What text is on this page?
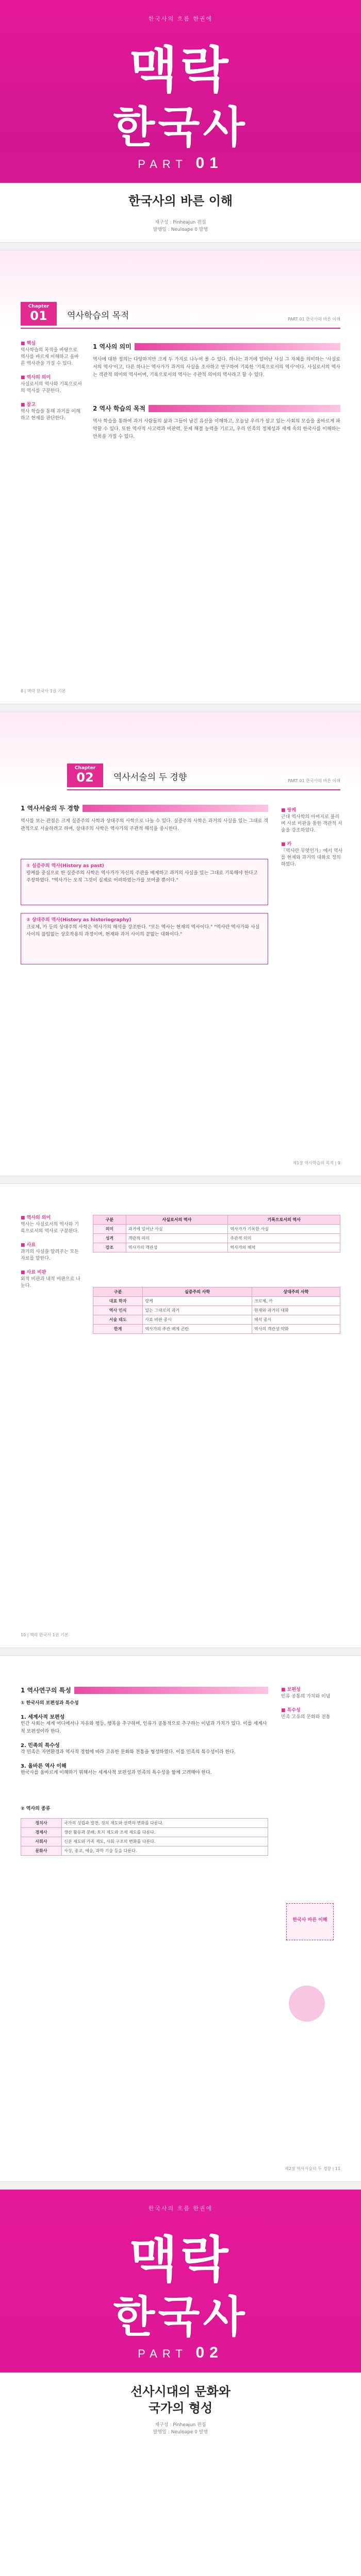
한국사의 흐름 한권에
맥락
한국사
PART 01
한국사의 바른 이해
재구성 : Pinheajun 편집
발행일 : Neuloape 0 발행
Chapter
01	역사학습의 목적	PART 01 한국사의 바른 이해
■ 핵심
역사학습의 목적을 바탕으로 역사를 바르게 이해하고 올바른 역사관을 가질 수 있다.
■ 역사의 의미
사실로서의 역사와 기록으로서의 역사를 구분한다.
■ 참고
역사 학습을 통해 과거를 이해하고 현재를 판단한다.
1 역사의 의미
역사에 대한 정의는 다양하지만 크게 두 가지로 나누어 볼 수 있다. 하나는 과거에 일어난 사실 그 자체를 의미하는 '사실로서의 역사'이고, 다른 하나는 역사가가 과거의 사실을 조사하고 연구하여 기록한 '기록으로서의 역사'이다. 사실로서의 역사는 객관적 의미의 역사이며, 기록으로서의 역사는 주관적 의미의 역사라고 할 수 있다.
2 역사 학습의 목적
역사 학습을 통하여 과거 사람들의 삶과 그들이 남긴 유산을 이해하고, 오늘날 우리가 살고 있는 사회의 모습을 올바르게 파악할 수 있다. 또한 역사적 사고력과 비판력, 문제 해결 능력을 기르고, 우리 민족의 정체성과 세계 속의 한국사를 이해하는 안목을 가질 수 있다.
8 | 맥락 한국사 1권 기본
Chapter
02	역사서술의 두 경향	PART 01 한국사의 바른 이해
1 역사서술의 두 경향
역사를 보는 관점은 크게 실증주의 사학과 상대주의 사학으로 나눌 수 있다. 실증주의 사학은 과거의 사실을 있는 그대로 객관적으로 서술하려고 하며, 상대주의 사학은 역사가의 주관적 해석을 중시한다.
① 실증주의 역사(History as past)
랑케를 중심으로 한 실증주의 사학은 역사가가 자신의 주관을 배제하고 과거의 사실을 있는 그대로 기록해야 한다고 주장하였다. "역사가는 오직 그것이 실제로 어떠하였는가를 보여줄 뿐이다."
② 상대주의 역사(History as historiography)
크로체, 카 등의 상대주의 사학은 역사가의 해석을 강조한다. "모든 역사는 현재의 역사이다." "역사란 역사가와 사실 사이의 끊임없는 상호작용의 과정이며, 현재와 과거 사이의 끝없는 대화이다."
■ 랑케
근대 역사학의 아버지로 불리며 사료 비판을 통한 객관적 서술을 강조하였다.
■ 카
『역사란 무엇인가』에서 역사를 현재와 과거의 대화로 정의하였다.
제1장 역사학습의 목적 | 9
■ 역사의 의미
역사는 사실로서의 역사와 기록으로서의 역사로 구분된다.
■ 사료
과거의 사실을 알려주는 모든 자료를 말한다.
■ 사료 비판
외적 비판과 내적 비판으로 나눈다.
구분	사실로서의 역사	기록으로서의 역사
의미	과거에 일어난 사실	역사가가 기록한 사실
성격	객관적 의미	주관적 의미
강조	역사가의 객관성	역사가의 해석
구분	실증주의 사학	상대주의 사학
대표 학자	랑케	크로체, 카
역사 인식	있는 그대로의 과거	현재와 과거의 대화
서술 태도	사료 비판 중시	해석 중시
한계	역사가의 주관 배제 곤란	역사의 객관성 약화
10 | 맥락 한국사 1권 기본
1 역사연구의 특성
① 한국사의 보편성과 특수성
1. 세계사적 보편성
인간 사회는 세계 어디에서나 자유와 평등, 행복을 추구하며, 인류가 공통적으로 추구하는 이념과 가치가 있다. 이를 세계사적 보편성이라 한다.
2. 민족의 특수성
각 민족은 자연환경과 역사적 경험에 따라 고유한 문화와 전통을 형성하였다. 이를 민족의 특수성이라 한다.
3. 올바른 역사 이해
한국사를 올바르게 이해하기 위해서는 세계사적 보편성과 민족의 특수성을 함께 고려해야 한다.
② 역사의 종류
정치사	국가의 성립과 발전, 정치 제도와 권력의 변화를 다룬다.
경제사	생산 활동과 분배, 토지 제도와 조세 제도를 다룬다.
사회사	신분 제도와 가족 제도, 사회 구조의 변화를 다룬다.
문화사	사상, 종교, 예술, 과학 기술 등을 다룬다.
■ 보편성
인류 공통의 가치와 이념
■ 특수성
민족 고유의 문화와 전통
한국사 바른 이해
제2장 역사서술의 두 경향 | 11
한국사의 흐름 한권에
맥락
한국사
PART 02
선사시대의 문화와
국가의 형성
재구성 : Pinheajun 편집
발행일 : Neuloape 0 발행
